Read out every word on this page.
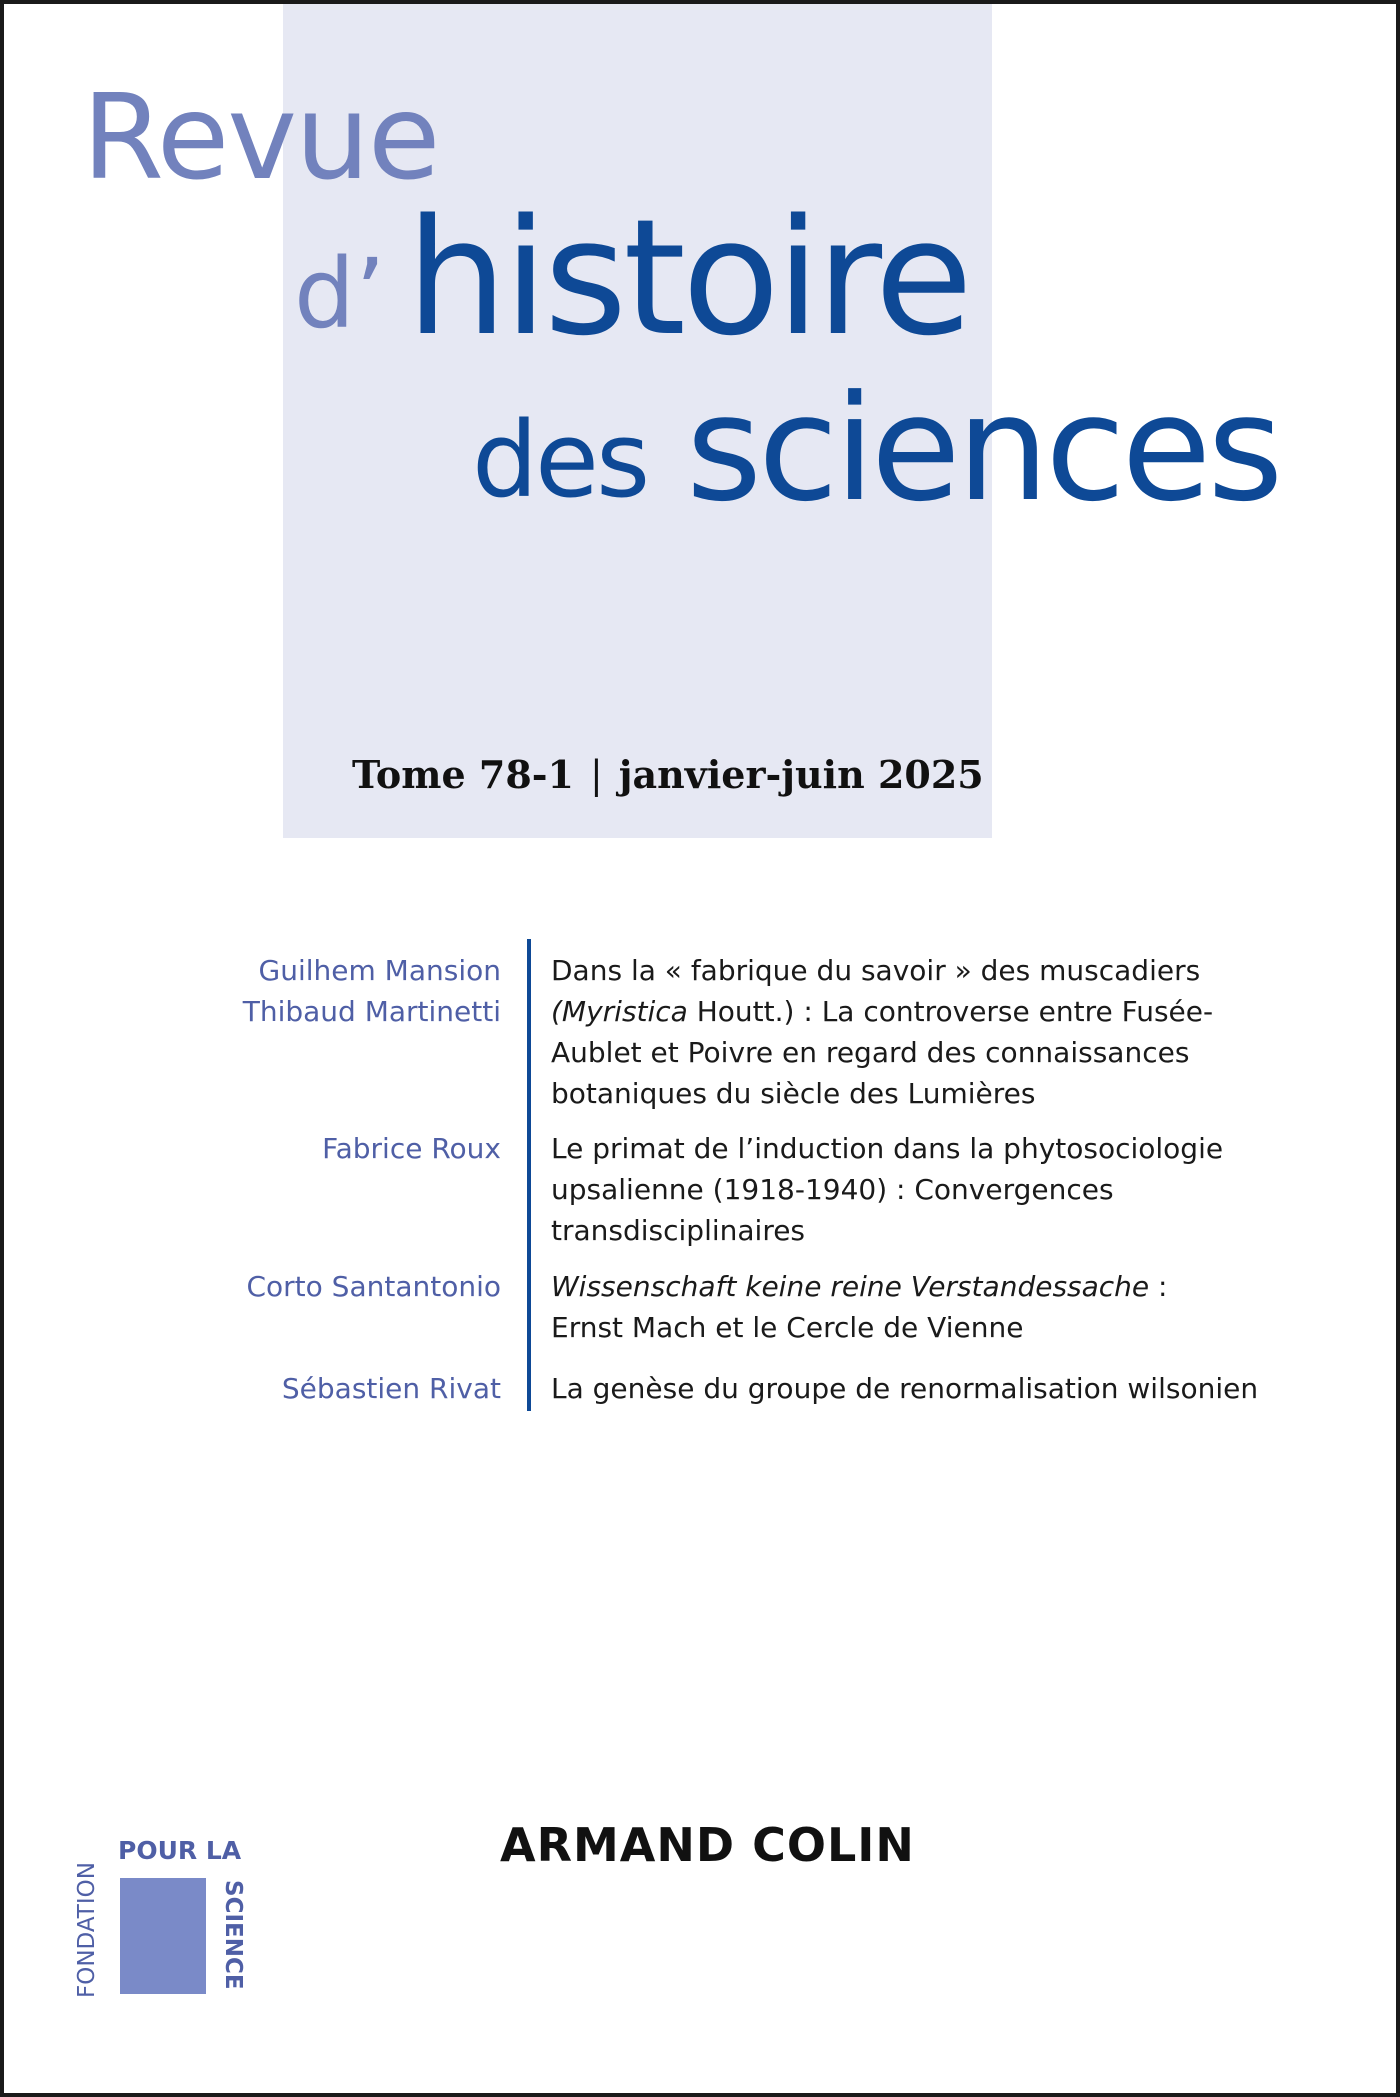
Revue
d’ histoire
des sciences
Tome 78-1 | janvier-juin 2025
Guilhem Mansion
Thibaud Martinetti
Dans la « fabrique du savoir » des muscadiers
(Myristica Houtt.) : La controverse entre Fusée-
Aublet et Poivre en regard des connaissances
botaniques du siècle des Lumières
Fabrice Roux Le primat de l’induction dans la phytosociologie
upsalienne (1918-1940) : Convergences
transdisciplinaires
Corto Santantonio Wissenschaft keine reine Verstandessache :
Ernst Mach et le Cercle de Vienne
Sébastien Rivat La genèse du groupe de renormalisation wilsonien
ARMAND COLIN
POUR LA
FONDATION	SCIENCE
